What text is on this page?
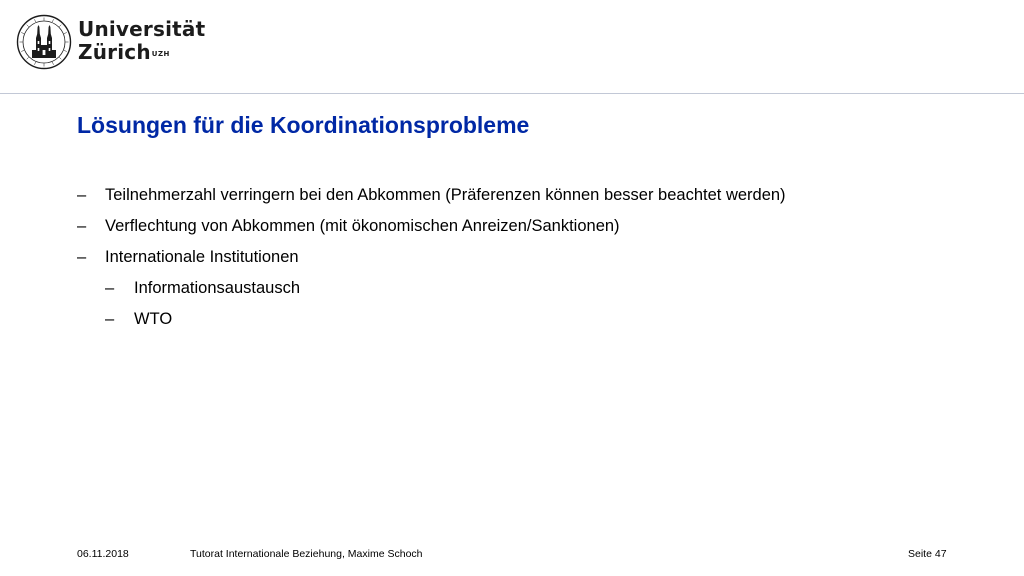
Universität
Zürich$^{UZH}$
Lösungen für die Koordinationsprobleme
– Teilnehmerzahl verringern bei den Abkommen (Präferenzen können besser beachtet werden)
– Verflechtung von Abkommen (mit ökonomischen Anreizen/Sanktionen)
– Internationale Institutionen
– Informationsaustausch
– WTO
06.11.2018	Tutorat Internationale Beziehung, Maxime Schoch	Seite 47
